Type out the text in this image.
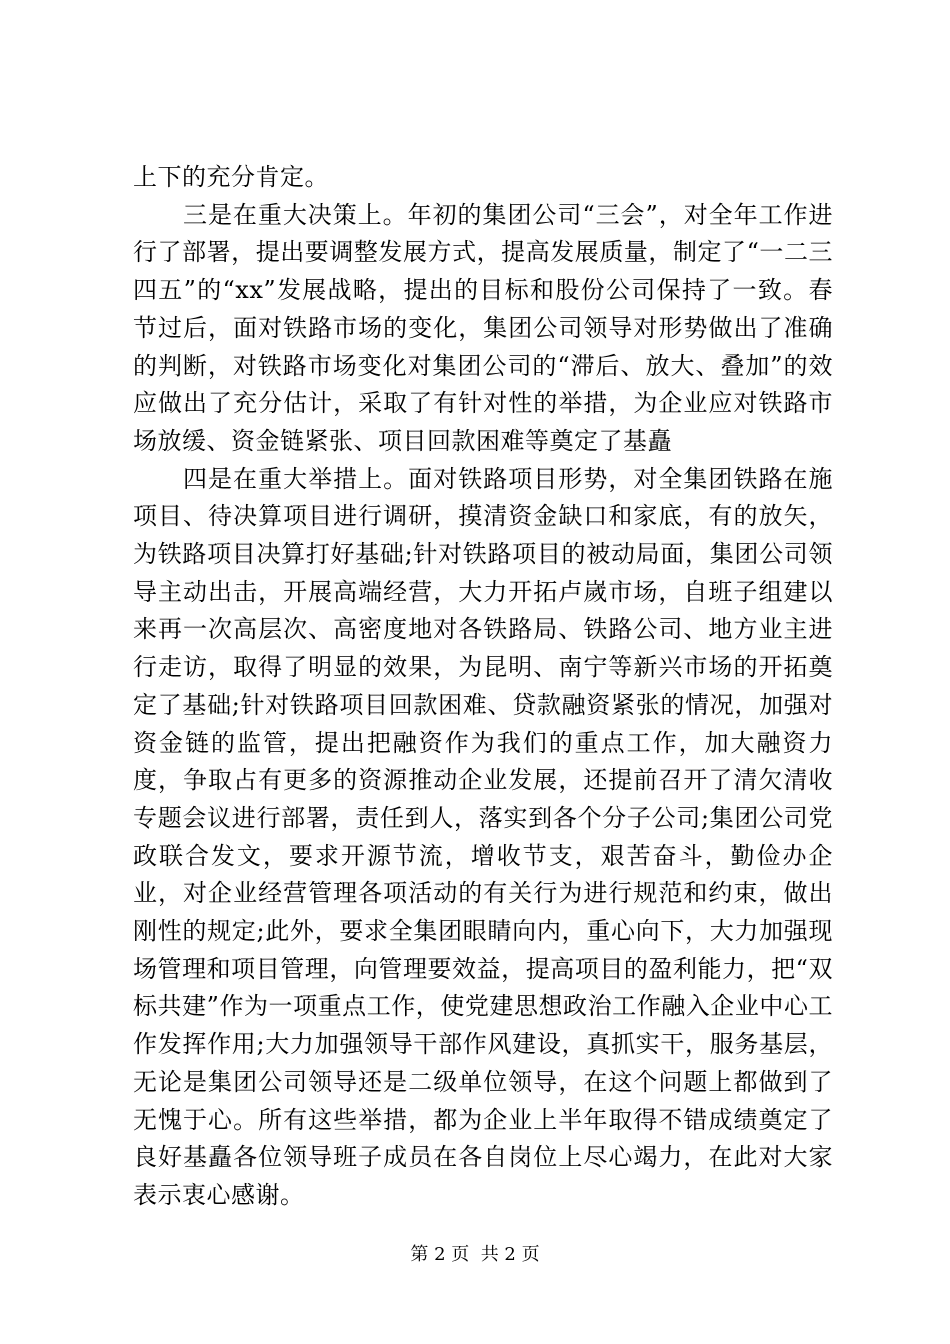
上下的充分肯定。

三是在重大决策上。年初的集团公司“三会”，对全年工作进行了部署，提出要调整发展方式，提高发展质量，制定了“一二三四五”的“xx”发展战略，提出的目标和股份公司保持了一致。春节过后，面对铁路市场的变化，集团公司领导对形势做出了准确的判断，对铁路市场变化对集团公司的“滞后、放大、叠加”的效应做出了充分估计，采取了有针对性的举措，为企业应对铁路市场放缓、资金链紧张、项目回款困难等奠定了基矗

四是在重大举措上。面对铁路项目形势，对全集团铁路在施项目、待决算项目进行调研，摸清资金缺口和家底，有的放矢，为铁路项目决算打好基础;针对铁路项目的被动局面，集团公司领导主动出击，开展高端经营，大力开拓卢嵗市场，自班子组建以来再一次高层次、高密度地对各铁路局、铁路公司、地方业主进行走访，取得了明显的效果，为昆明、南宁等新兴市场的开拓奠定了基础;针对铁路项目回款困难、贷款融资紧张的情况，加强对资金链的监管，提出把融资作为我们的重点工作，加大融资力度，争取占有更多的资源推动企业发展，还提前召开了清欠清收专题会议进行部署，责任到人，落实到各个分子公司;集团公司党政联合发文，要求开源节流，增收节支，艰苦奋斗，勤俭办企业，对企业经营管理各项活动的有关行为进行规范和约束，做出刚性的规定;此外，要求全集团眼睛向内，重心向下，大力加强现场管理和项目管理，向管理要效益，提高项目的盈利能力，把“双标共建”作为一项重点工作，使党建思想政治工作融入企业中心工作发挥作用;大力加强领导干部作风建设，真抓实干，服务基层，无论是集团公司领导还是二级单位领导，在这个问题上都做到了无愧于心。所有这些举措，都为企业上半年取得不错成绩奠定了良好基矗各位领导班子成员在各自岗位上尽心竭力，在此对大家表示衷心感谢。

第 2 页  共 2 页
